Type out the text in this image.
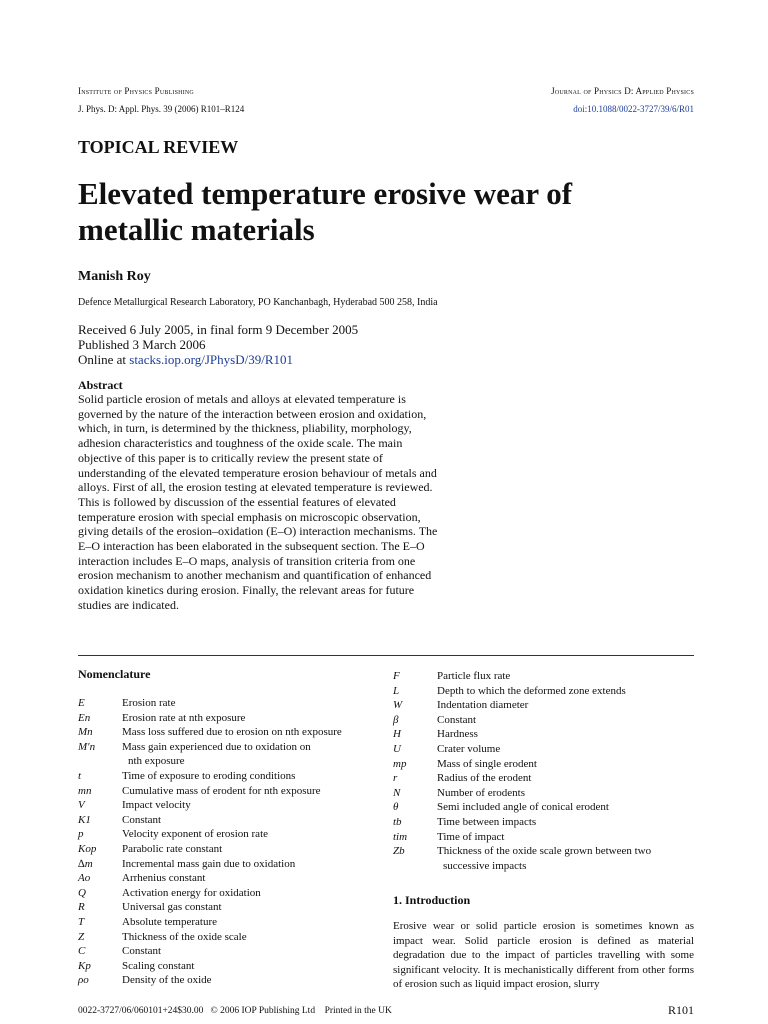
Institute of Physics Publishing	Journal of Physics D: Applied Physics
J. Phys. D: Appl. Phys. 39 (2006) R101–R124	doi:10.1088/0022-3727/39/6/R01
TOPICAL REVIEW
Elevated temperature erosive wear of
metallic materials
Manish Roy
Defence Metallurgical Research Laboratory, PO Kanchanbagh, Hyderabad 500 258, India
Received 6 July 2005, in final form 9 December 2005
Published 3 March 2006
Online at stacks.iop.org/JPhysD/39/R101
Abstract
Solid particle erosion of metals and alloys at elevated temperature is
governed by the nature of the interaction between erosion and oxidation,
which, in turn, is determined by the thickness, pliability, morphology,
adhesion characteristics and toughness of the oxide scale. The main
objective of this paper is to critically review the present state of
understanding of the elevated temperature erosion behaviour of metals and
alloys. First of all, the erosion testing at elevated temperature is reviewed.
This is followed by discussion of the essential features of elevated
temperature erosion with special emphasis on microscopic observation,
giving details of the erosion–oxidation (E–O) interaction mechanisms. The
E–O interaction has been elaborated in the subsequent section. The E–O
interaction includes E–O maps, analysis of transition criteria from one
erosion mechanism to another mechanism and quantification of enhanced
oxidation kinetics during erosion. Finally, the relevant areas for future
studies are indicated.
Nomenclature
E	Erosion rate
En	Erosion rate at nth exposure
Mn	Mass loss suffered due to erosion on nth exposure
M′n	Mass gain experienced due to oxidation on
nth exposure
t	Time of exposure to eroding conditions
mn	Cumulative mass of erodent for nth exposure
V	Impact velocity
K1	Constant
p	Velocity exponent of erosion rate
Kop	Parabolic rate constant
∆m	Incremental mass gain due to oxidation
Ao	Arrhenius constant
Q	Activation energy for oxidation
R	Universal gas constant
T	Absolute temperature
Z	Thickness of the oxide scale
C	Constant
Kp	Scaling constant
ρo	Density of the oxide
F	Particle flux rate
L	Depth to which the deformed zone extends
W	Indentation diameter
β	Constant
H	Hardness
U	Crater volume
mp	Mass of single erodent
r	Radius of the erodent
N	Number of erodents
θ	Semi included angle of conical erodent
tb	Time between impacts
tim	Time of impact
Zb	Thickness of the oxide scale grown between two
successive impacts
1. Introduction
Erosive wear or solid particle erosion is sometimes known as impact wear. Solid particle erosion is defined as material degradation due to the impact of particles travelling with some significant velocity. It is mechanistically different from other forms of erosion such as liquid impact erosion, slurry
0022-3727/06/060101+24$30.00   © 2006 IOP Publishing Ltd    Printed in the UK	R101
